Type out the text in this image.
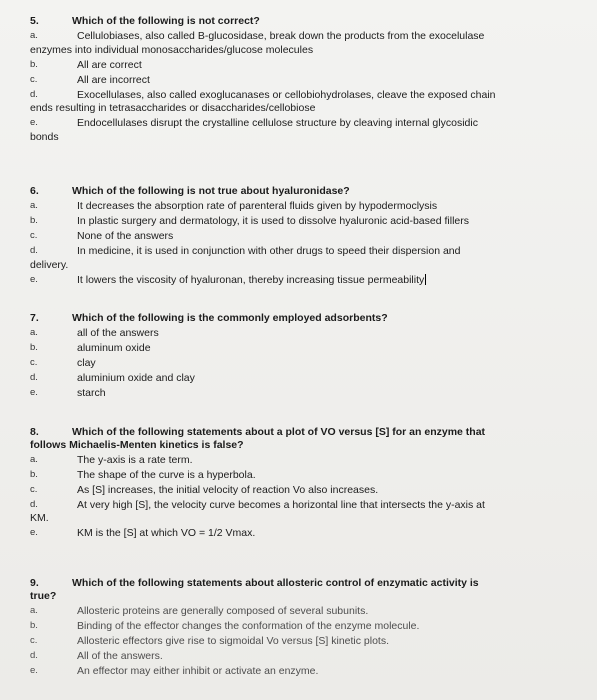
5.	Which of the following is not correct?
a.	Cellulobiases, also called B-glucosidase, break down the products from the exocelulase
enzymes into individual monosaccharides/glucose molecules
b.	All are correct
c.	All are incorrect
d.	Exocellulases, also called exoglucanases or cellobiohydrolases, cleave the exposed chain
ends resulting in tetrasaccharides or disaccharides/cellobiose
e.	Endocellulases disrupt the crystalline cellulose structure by cleaving internal glycosidic
bonds
6.	Which of the following is not true about hyaluronidase?
a.	It decreases the absorption rate of parenteral fluids given by hypodermoclysis
b.	In plastic surgery and dermatology, it is used to dissolve hyaluronic acid-based fillers
c.	None of the answers
d.	In medicine, it is used in conjunction with other drugs to speed their dispersion and
delivery.
e.	It lowers the viscosity of hyaluronan, thereby increasing tissue permeability
7.	Which of the following is the commonly employed adsorbents?
a.	all of the answers
b.	aluminum oxide
c.	clay
d.	aluminium oxide and clay
e.	starch
8.	Which of the following statements about a plot of VO versus [S] for an enzyme that
follows Michaelis-Menten kinetics is false?
a.	The y-axis is a rate term.
b.	The shape of the curve is a hyperbola.
c.	As [S] increases, the initial velocity of reaction Vo also increases.
d.	At very high [S], the velocity curve becomes a horizontal line that intersects the y-axis at
KM.
e.	KM is the [S] at which VO = 1/2 Vmax.
9.	Which of the following statements about allosteric control of enzymatic activity is
true?
a.	Allosteric proteins are generally composed of several subunits.
b.	Binding of the effector changes the conformation of the enzyme molecule.
c.	Allosteric effectors give rise to sigmoidal Vo versus [S] kinetic plots.
d.	All of the answers.
e.	An effector may either inhibit or activate an enzyme.
